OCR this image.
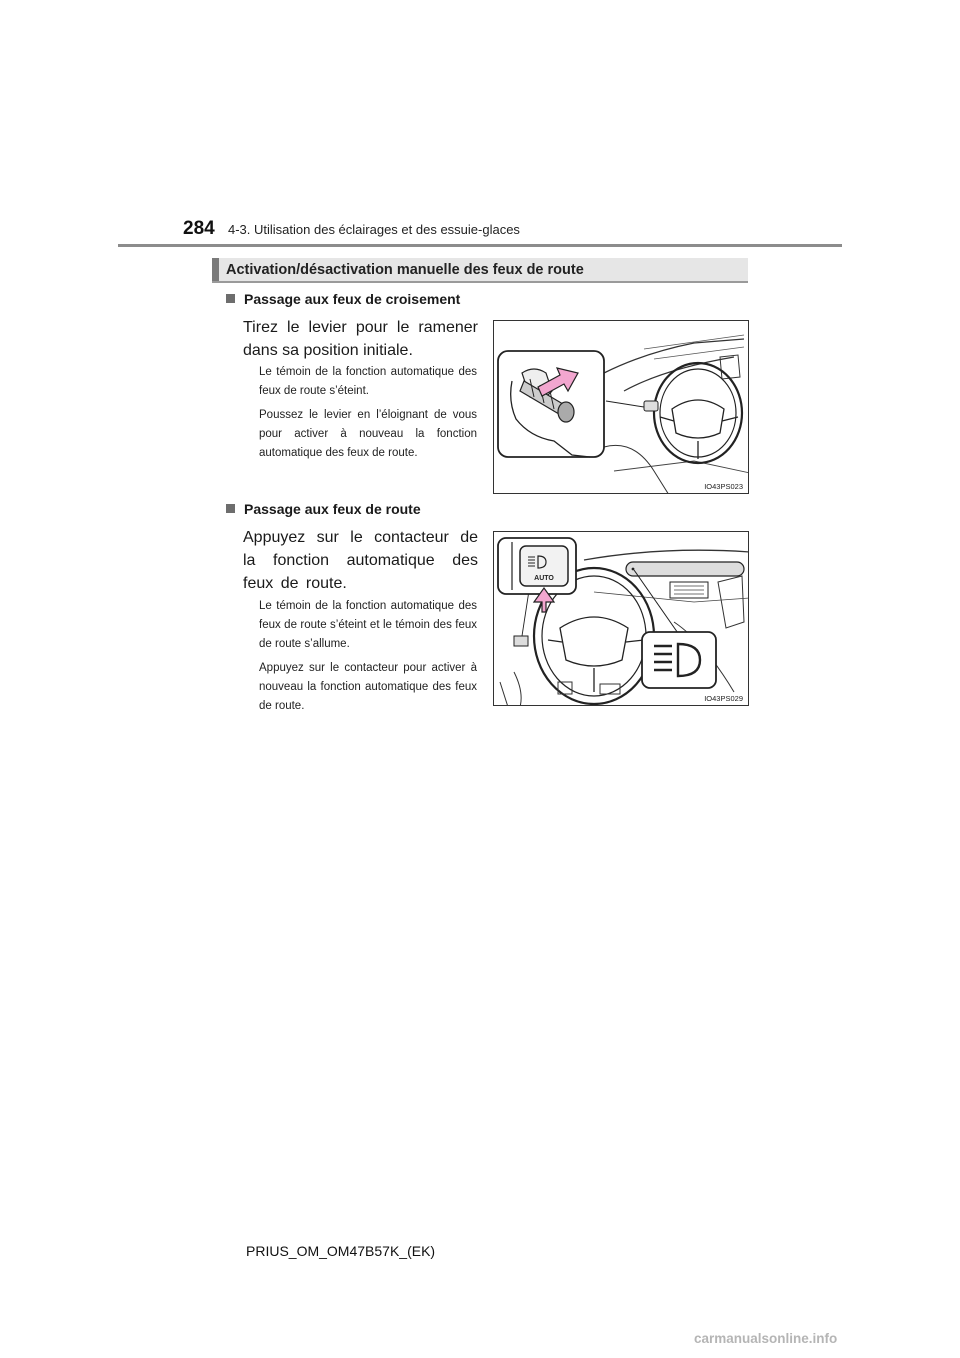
284 4-3. Utilisation des éclairages et des essuie-glaces
Activation/désactivation manuelle des feux de route
Passage aux feux de croisement
Tirez le levier pour le ramener dans sa position initiale.
Le témoin de la fonction automatique des feux de route s’éteint.
Poussez le levier en l’éloignant de vous pour activer à nouveau la fonction automatique des feux de route.
IO43PS023
Passage aux feux de route
Appuyez sur le contacteur de la fonction automatique des feux de route.
Le témoin de la fonction automatique des feux de route s’éteint et le témoin des feux de route s’allume.
Appuyez sur le contacteur pour activer à nouveau la fonction automatique des feux de route.
AUTO
IO43PS029
PRIUS_OM_OM47B57K_(EK)
carmanualsonline.info
